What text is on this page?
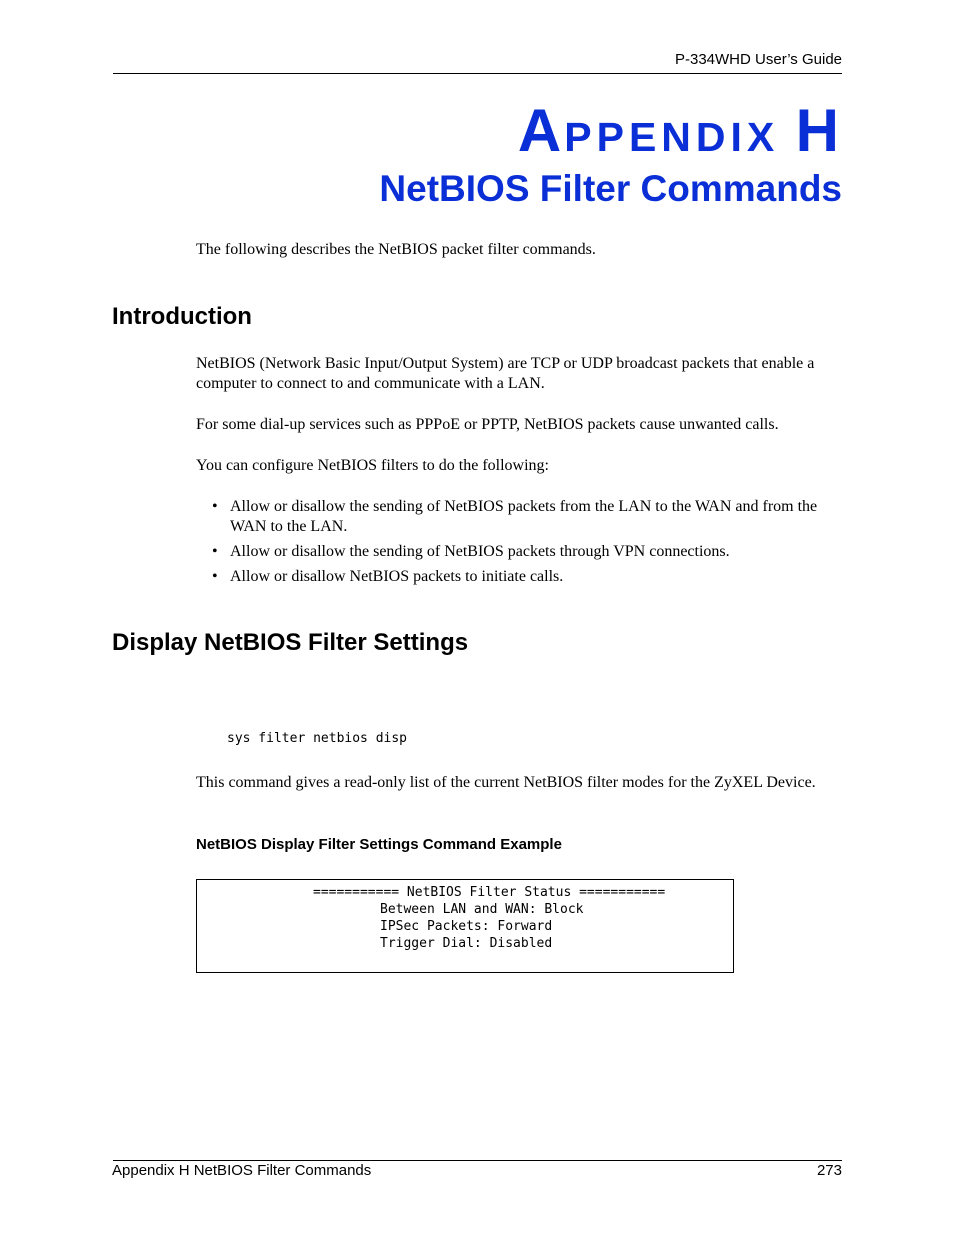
P-334WHD User’s Guide
APPENDIX H
NetBIOS Filter Commands
The following describes the NetBIOS packet filter commands.
Introduction
NetBIOS (Network Basic Input/Output System) are TCP or UDP broadcast packets that enable a computer to connect to and communicate with a LAN.
For some dial-up services such as PPPoE or PPTP, NetBIOS packets cause unwanted calls.
You can configure NetBIOS filters to do the following:
• Allow or disallow the sending of NetBIOS packets from the LAN to the WAN and from the WAN to the LAN.
• Allow or disallow the sending of NetBIOS packets through VPN connections.
• Allow or disallow NetBIOS packets to initiate calls.
Display NetBIOS Filter Settings
sys filter netbios disp
This command gives a read-only list of the current NetBIOS filter modes for the ZyXEL Device.
NetBIOS Display Filter Settings Command Example
=========== NetBIOS Filter Status ===========
Between LAN and WAN: Block
IPSec Packets: Forward
Trigger Dial: Disabled
Appendix H NetBIOS Filter Commands	273
